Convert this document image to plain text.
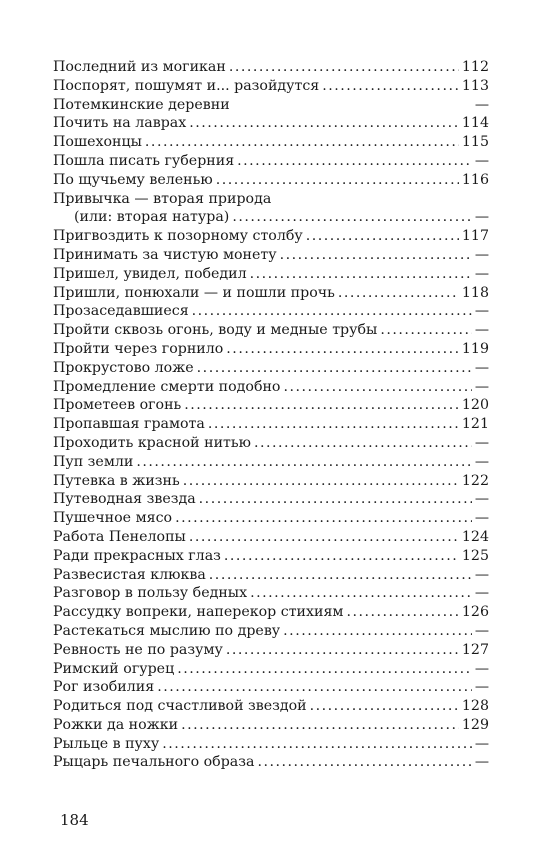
Последний из могикан .....	112
Поспорят, пошумят и... разойдутся .....	113
Потемкинские деревни	—
Почить на лаврах .....	114
Пошехонцы .....	115
Пошла писать губерния .....	—
По щучьему веленью .....	116
Привычка — вторая природа
(или: вторая натура) .....	—
Пригвоздить к позорному столбу .....	117
Принимать за чистую монету .....	—
Пришел, увидел, победил .....	—
Пришли, понюхали — и пошли прочь .....	118
Прозаседавшиеся .....	—
Пройти сквозь огонь, воду и медные трубы .....	—
Пройти через горнило .....	119
Прокрустово ложе .....	—
Промедление смерти подобно .....	—
Прометеев огонь .....	120
Пропавшая грамота .....	121
Проходить красной нитью .....	—
Пуп земли .....	—
Путевка в жизнь .....	122
Путеводная звезда .....	—
Пушечное мясо .....	—
Работа Пенелопы .....	124
Ради прекрасных глаз .....	125
Развесистая клюква .....	—
Разговор в пользу бедных .....	—
Рассудку вопреки, наперекор стихиям .....	126
Растекаться мыслию по древу .....	—
Ревность не по разуму .....	127
Римский огурец .....	—
Рог изобилия .....	—
Родиться под счастливой звездой .....	128
Рожки да ножки .....	129
Рыльце в пуху .....	—
Рыцарь печального образа .....	—
184
